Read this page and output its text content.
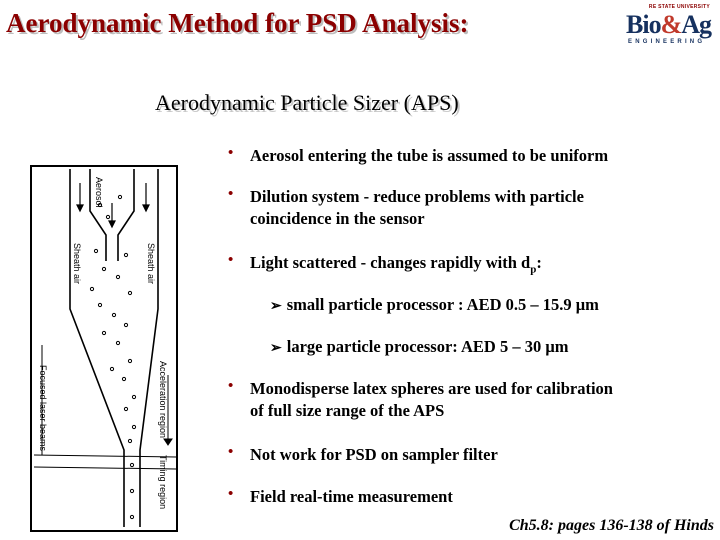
Aerodynamic Method for PSD Analysis:
RE STATE UNIVERSITY
Bio&Ag
ENGINEERING
Aerodynamic Particle Sizer (APS)
Aerosol
Sheath air	Sheath air
Focused laser beams	Acceleration region
Timing region
•	Aerosol entering the tube is assumed to be uniform
•	Dilution system - reduce problems with particle
coincidence in the sensor
•	Light scattered - changes rapidly with $d_p$:
➢ small particle processor : AED 0.5 – 15.9 μm
➢ large particle processor: AED 5 – 30 μm
•	Monodisperse latex spheres are used for calibration
of full size range of the APS
•	Not work for PSD on sampler filter
•	Field real-time measurement
Ch5.8: pages 136-138 of Hinds
